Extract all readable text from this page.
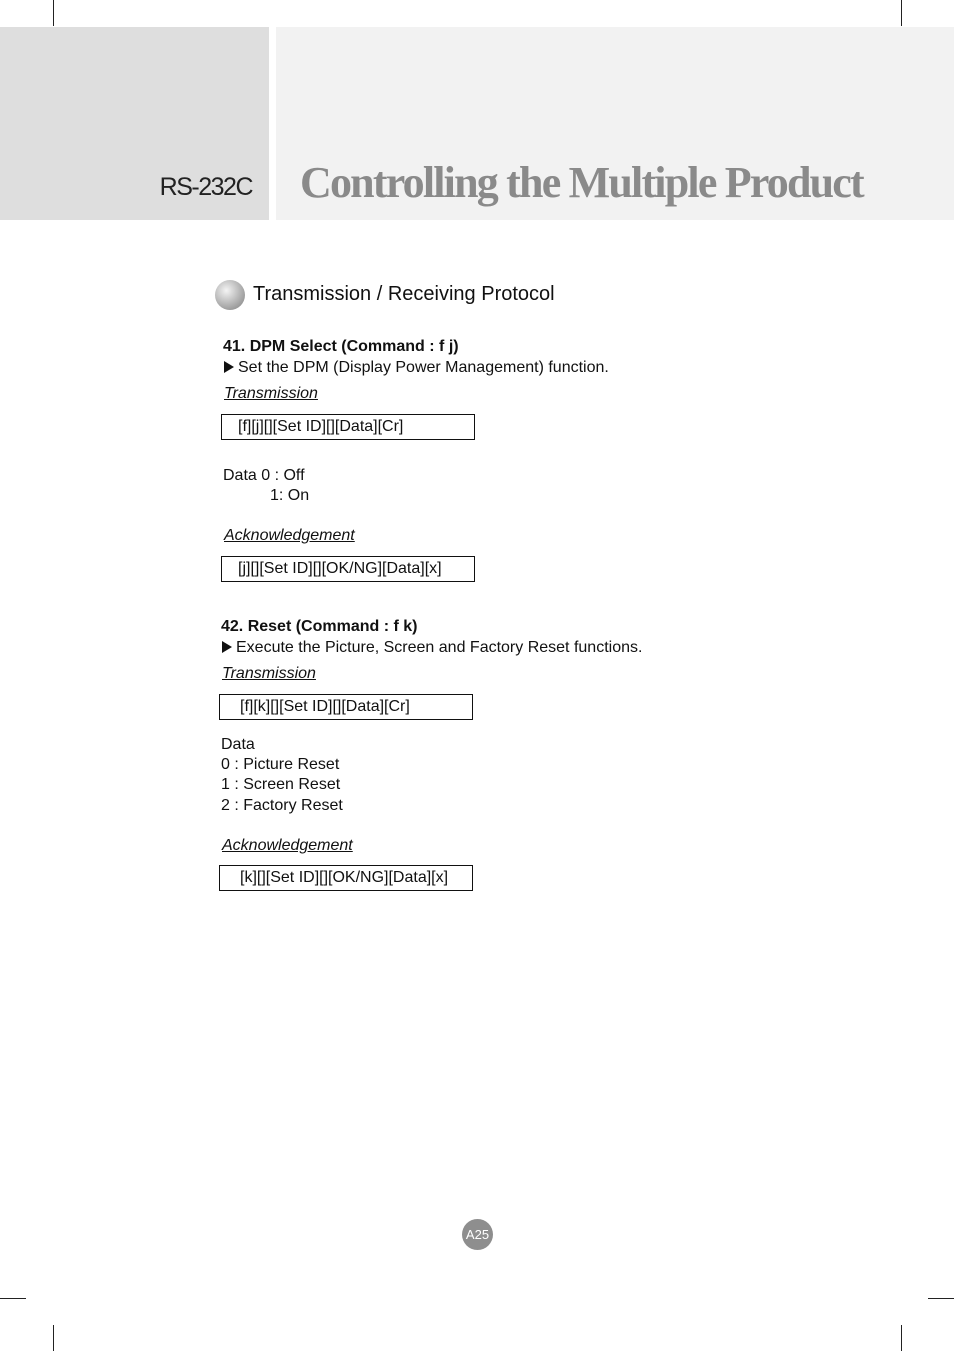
RS-232C Controlling the Multiple Product
Transmission / Receiving Protocol
41. DPM Select (Command : f j)
Set the DPM (Display Power Management) function.
Transmission
[f][j][][Set ID][][Data][Cr]
Data 0 : Off
1: On
Acknowledgement
[j][][Set ID][][OK/NG][Data][x]
42. Reset (Command : f k)
Execute the Picture, Screen and Factory Reset functions.
Transmission
[f][k][][Set ID][][Data][Cr]
Data
0 : Picture Reset
1 : Screen Reset
2 : Factory Reset
Acknowledgement
[k][][Set ID][][OK/NG][Data][x]
A25
